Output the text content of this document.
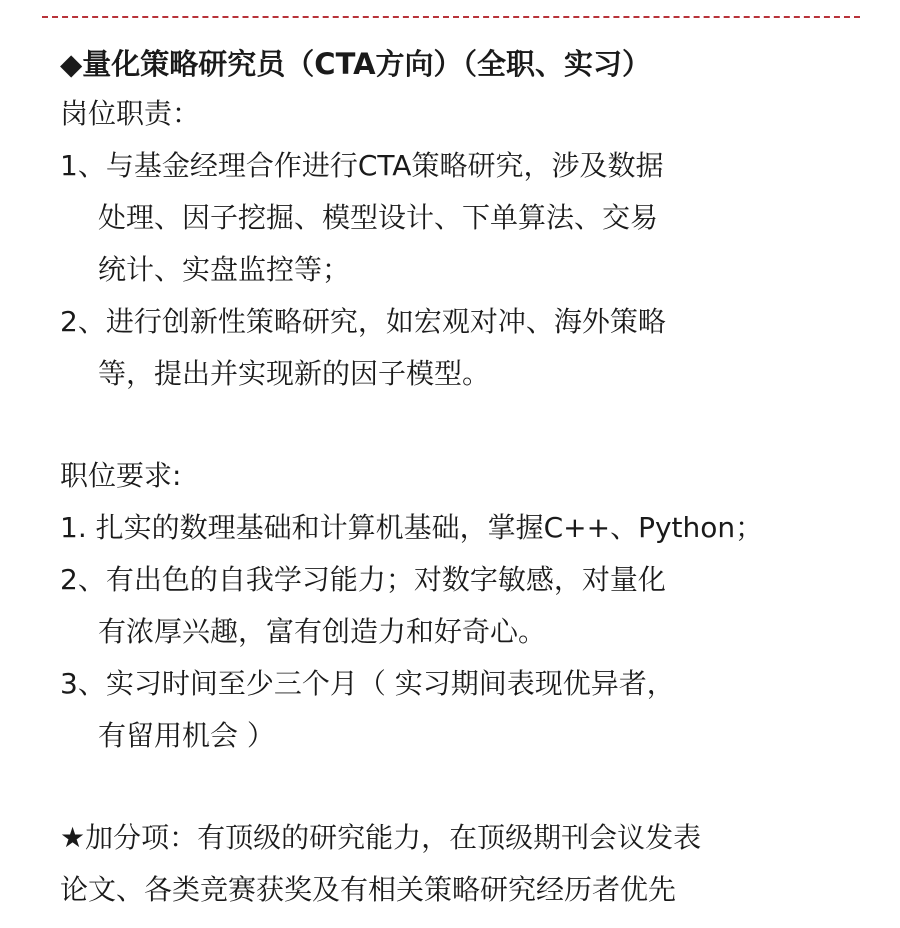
◆量化策略研究员（CTA方向）（全职、实习）
岗位职责：
1、与基金经理合作进行CTA策略研究，涉及数据
处理、因子挖掘、模型设计、下单算法、交易
统计、实盘监控等；
2、进行创新性策略研究，如宏观对冲、海外策略
等，提出并实现新的因子模型。
职位要求:
1. 扎实的数理基础和计算机基础，掌握C++、Python；
2、有出色的自我学习能力；对数字敏感，对量化
有浓厚兴趣，富有创造力和好奇心。
3、实习时间至少三个月（ 实习期间表现优异者，
有留用机会 ）
★加分项：有顶级的研究能力，在顶级期刊会议发表
论文、各类竞赛获奖及有相关策略研究经历者优先
